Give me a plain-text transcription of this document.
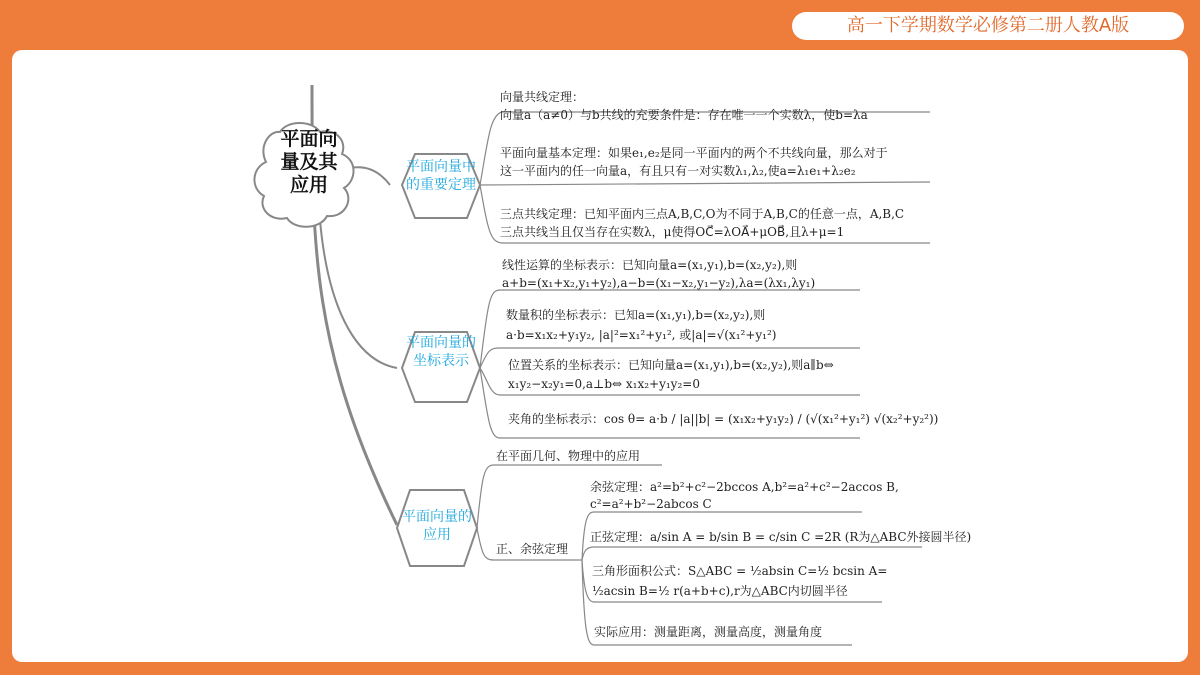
高一下学期数学必修第二册人教A版
平面向量及其应用
平面向量中的重要定理
平面向量的坐标表示
平面向量的应用
向量共线定理：
向量a（a≠0）与b共线的充要条件是：存在唯一一个实数λ，使b=λa
平面向量基本定理：如果e₁,e₂是同一平面内的两个不共线向量，那么对于
这一平面内的任一向量a，有且只有一对实数λ₁,λ₂,使a=λ₁e₁+λ₂e₂
三点共线定理：已知平面内三点A,B,C,O为不同于A,B,C的任意一点，A,B,C
三点共线当且仅当存在实数λ，μ使得OC⃗=λOA⃗+μOB⃗,且λ+μ=1
线性运算的坐标表示：已知向量a=(x₁,y₁),b=(x₂,y₂),则
a+b=(x₁+x₂,y₁+y₂),a−b=(x₁−x₂,y₁−y₂),λa=(λx₁,λy₁)
数量积的坐标表示：已知a=(x₁,y₁),b=(x₂,y₂),则
a·b=x₁x₂+y₁y₂, |a|²=x₁²+y₁², 或|a|=√(x₁²+y₁²)
位置关系的坐标表示：已知向量a=(x₁,y₁),b=(x₂,y₂),则a∥b⇔
x₁y₂−x₂y₁=0,a⊥b⇔ x₁x₂+y₁y₂=0
夹角的坐标表示：cos θ= a·b / |a||b| = (x₁x₂+y₁y₂) / (√(x₁²+y₁²) √(x₂²+y₂²))
在平面几何、物理中的应用
正、余弦定理
余弦定理：a²=b²+c²−2bccos A,b²=a²+c²−2accos B,
c²=a²+b²−2abcos C
正弦定理：a/sin A = b/sin B = c/sin C =2R (R为△ABC外接圆半径)
三角形面积公式：S△ABC = ½absin C=½ bcsin A=
½acsin B=½ r(a+b+c),r为△ABC内切圆半径
实际应用：测量距离，测量高度，测量角度
